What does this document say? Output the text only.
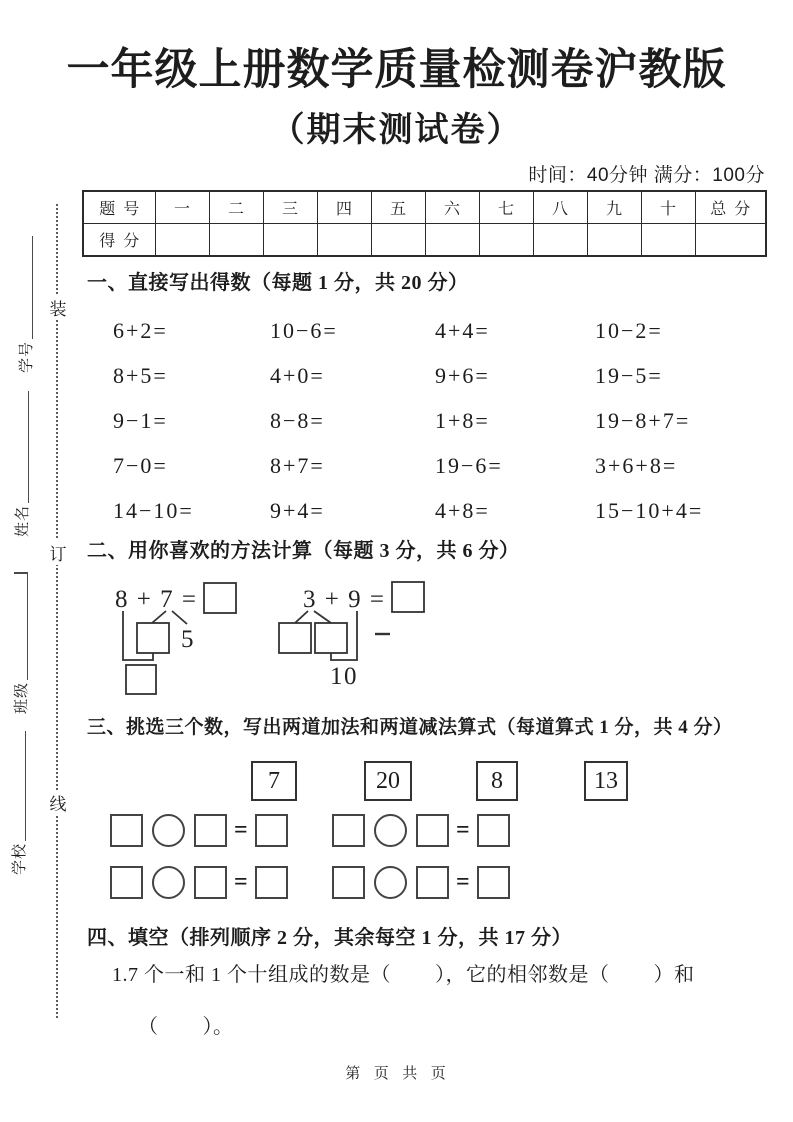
装
订
线
学号
姓名
班级
学校
一年级上册数学质量检测卷沪教版
（期末测试卷）
时间：40分钟 满分：100分
题  号	一	二	三	四	五	六	七	八	九	十	总  分
得  分											
一、直接写出得数（每题 1 分，共 20 分）
6+2=	10−6=	4+4=	10−2=
8+5=	4+0=	9+6=	19−5=
9−1=	8−8=	1+8=	19−8+7=
7−0=	8+7=	19−6=	3+6+8=
14−10=	9+4=	4+8=	15−10+4=
二、用你喜欢的方法计算（每题 3 分，共 6 分）
8 + 7 =
5
3 + 9 =
10
三、挑选三个数，写出两道加法和两道减法算式（每道算式 1 分，共 4 分）
7	20	8	13
=	=
=	=
四、填空（排列顺序 2 分，其余每空 1 分，共 17 分）
1.7 个一和 1 个十组成的数是（        ），它的相邻数是（        ）和
（        ）。
第  页  共  页
